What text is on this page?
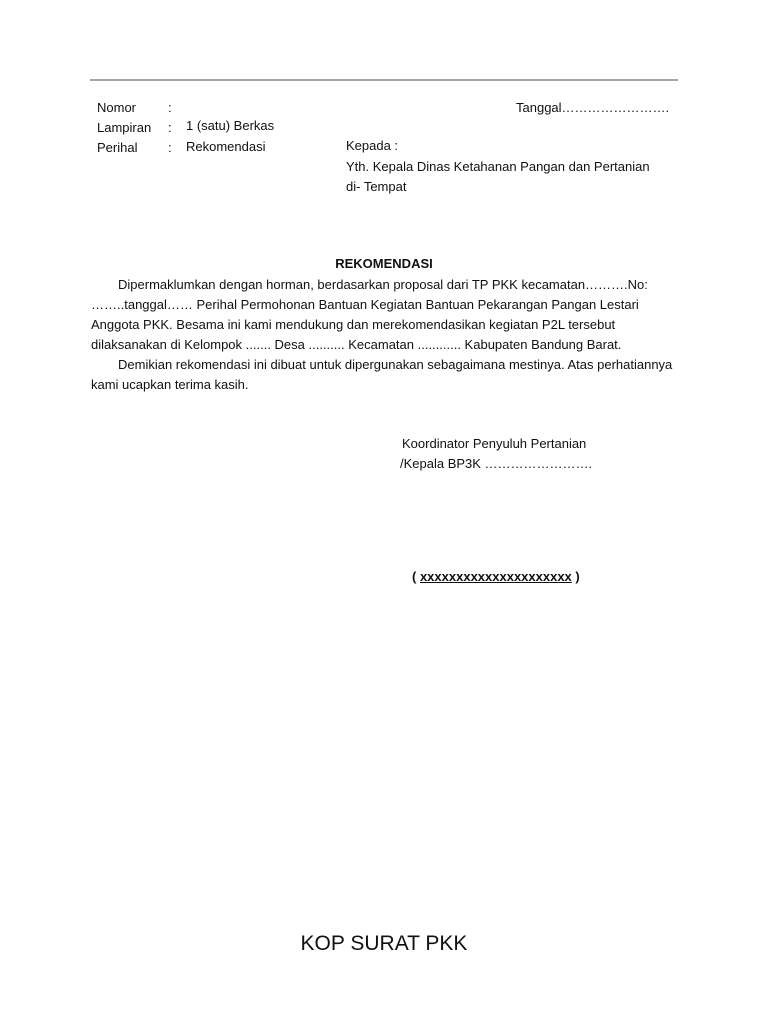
Nomor	:
Lampiran	: 1 (satu) Berkas
Perihal	: Rekomendasi
Tanggal…………………….
Kepada :
Yth. Kepala Dinas Ketahanan Pangan dan Pertanian
di- Tempat
REKOMENDASI

Dipermaklumkan dengan horman, berdasarkan proposal dari TP PKK kecamatan……….No: ……..tanggal…… Perihal Permohonan Bantuan Kegiatan Bantuan Pekarangan Pangan Lestari Anggota PKK. Besama ini kami mendukung dan merekomendasikan kegiatan P2L tersebut dilaksanakan di Kelompok ....... Desa .......... Kecamatan ............ Kabupaten Bandung Barat.

Demikian rekomendasi ini dibuat untuk dipergunakan sebagaimana mestinya. Atas perhatiannya kami ucapkan terima kasih.

Koordinator Penyuluh Pertanian
/Kepala BP3K …………………….
( xxxxxxxxxxxxxxxxxxxxx )
KOP SURAT PKK
